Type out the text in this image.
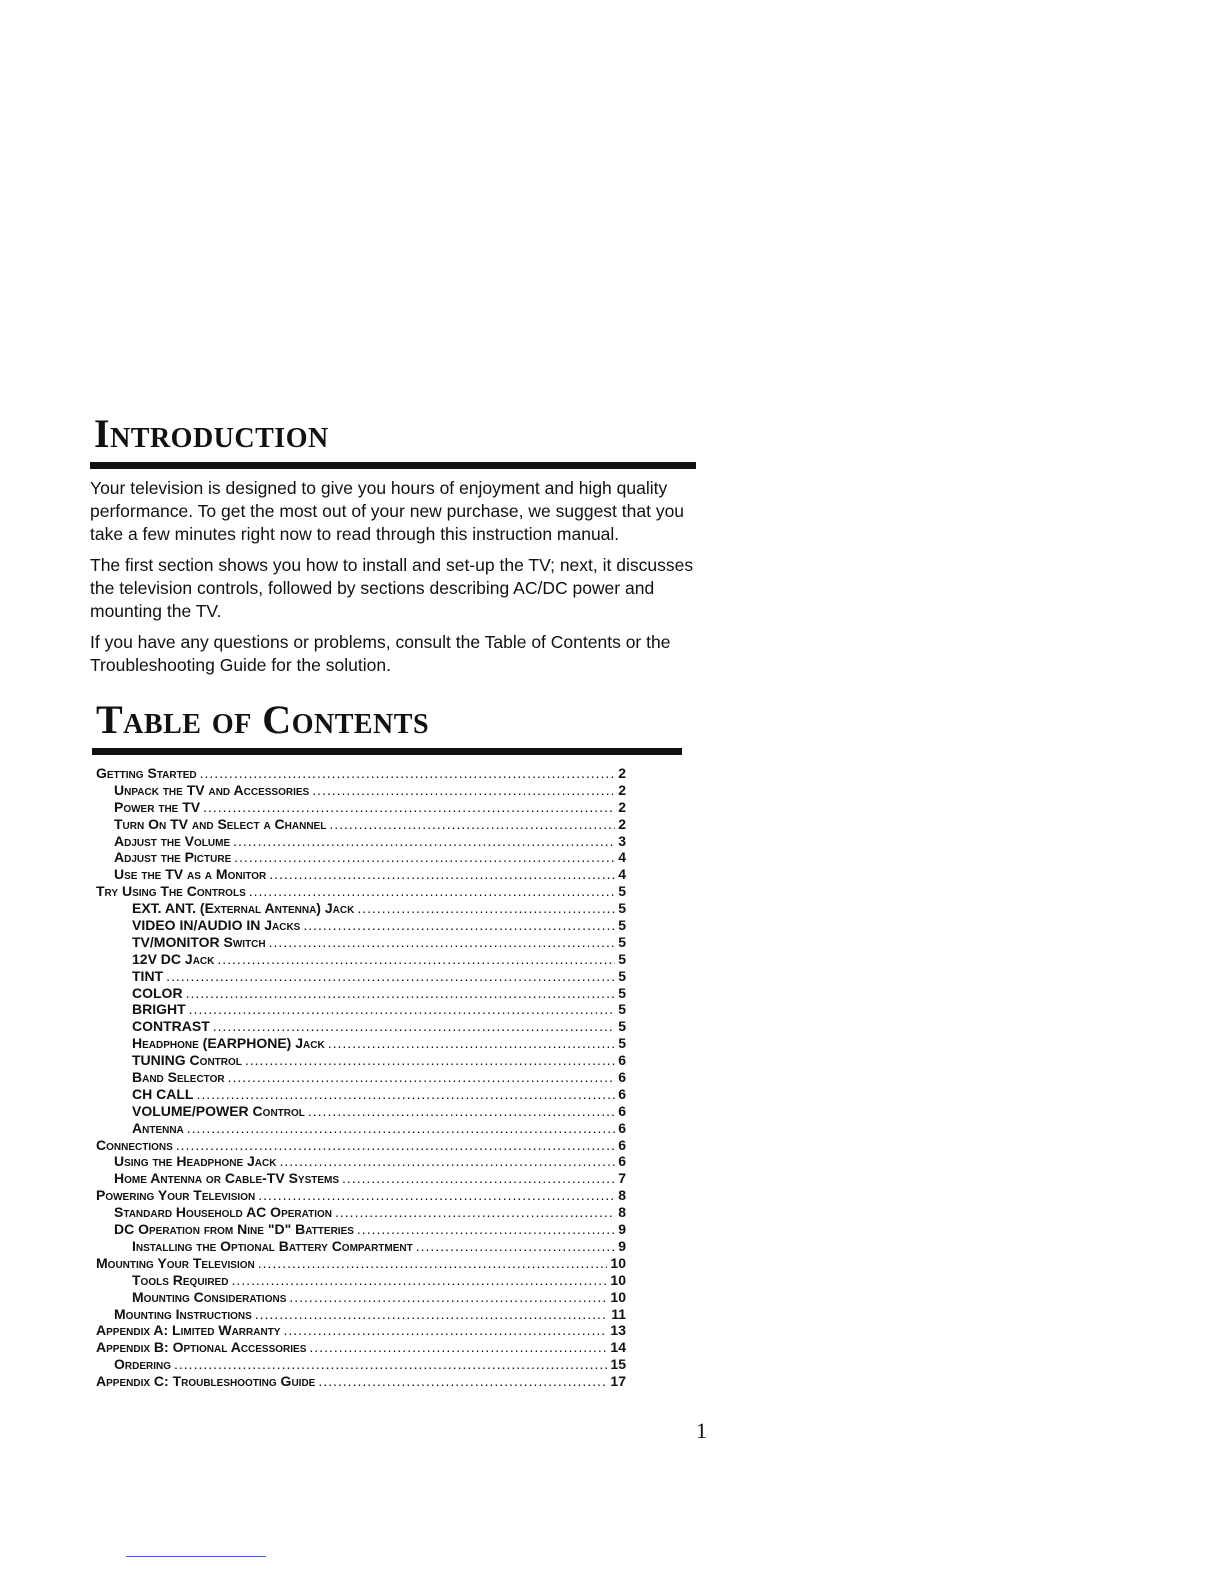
Introduction

Your television is designed to give you hours of enjoyment and high quality performance. To get the most out of your new purchase, we suggest that you take a few minutes right now to read through this instruction manual.

The first section shows you how to install and set-up the TV; next, it discusses the television controls, followed by sections describing AC/DC power and mounting the TV.

If you have any questions or problems, consult the Table of Contents or the Troubleshooting Guide for the solution.

Table of Contents
Getting Started .....	2
Unpack the TV and Accessories .....	2
Power the TV .....	2
Turn On TV and Select a Channel .....	2
Adjust the Volume .....	3
Adjust the Picture .....	4
Use the TV as a Monitor .....	4
Try Using The Controls .....	5
EXT. ANT. (External Antenna) Jack .....	5
VIDEO IN/AUDIO IN Jacks .....	5
TV/MONITOR Switch .....	5
12V DC Jack .....	5
TINT .....	5
COLOR .....	5
BRIGHT .....	5
CONTRAST .....	5
Headphone (EARPHONE) Jack .....	5
TUNING Control .....	6
Band Selector .....	6
CH CALL .....	6
VOLUME/POWER Control .....	6
Antenna .....	6
Connections .....	6
Using the Headphone Jack .....	6
Home Antenna or Cable-TV Systems .....	7
Powering Your Television .....	8
Standard Household AC Operation .....	8
DC Operation from Nine "D" Batteries .....	9
Installing the Optional Battery Compartment .....	9
Mounting Your Television .....	10
Tools Required .....	10
Mounting Considerations .....	10
Mounting Instructions .....	11
Appendix A: Limited Warranty .....	13
Appendix B: Optional Accessories .....	14
Ordering .....	15
Appendix C: Troubleshooting Guide .....	17
1
